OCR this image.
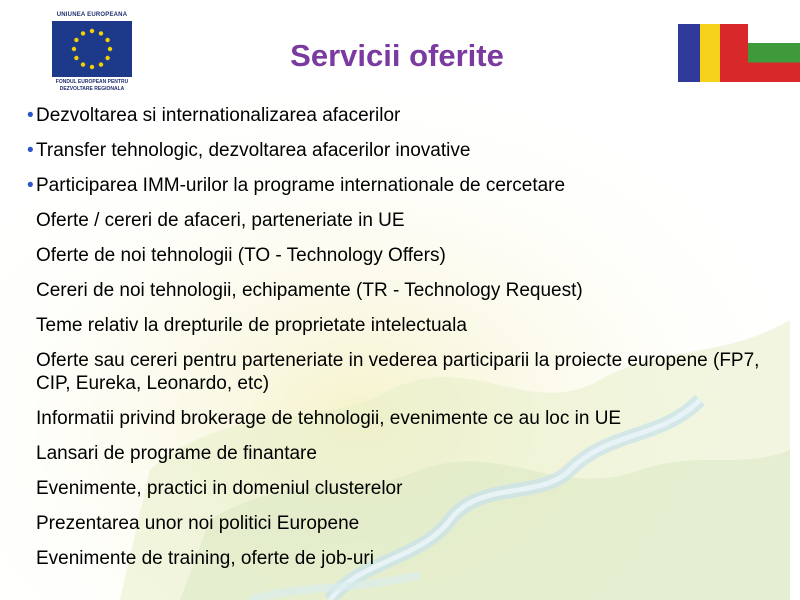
UNIUNEA EUROPEANA
FONDUL EUROPEAN PENTRU
DEZVOLTARE REGIONALA
Servicii oferite
• Dezvoltarea si internationalizarea afacerilor
• Transfer tehnologic, dezvoltarea afacerilor inovative
• Participarea IMM-urilor la programe internationale de cercetare
Oferte / cereri de afaceri, parteneriate in UE
Oferte de noi tehnologii (TO - Technology Offers)
Cereri de noi tehnologii, echipamente (TR - Technology Request)
Teme relativ la drepturile de proprietate intelectuala
Oferte sau cereri pentru parteneriate in vederea participarii la proiecte europene (FP7, CIP, Eureka, Leonardo, etc)
Informatii privind brokerage de tehnologii, evenimente ce au loc in UE
Lansari de programe de finantare
Evenimente, practici in domeniul clusterelor
Prezentarea unor noi politici Europene
Evenimente de training, oferte de job-uri
